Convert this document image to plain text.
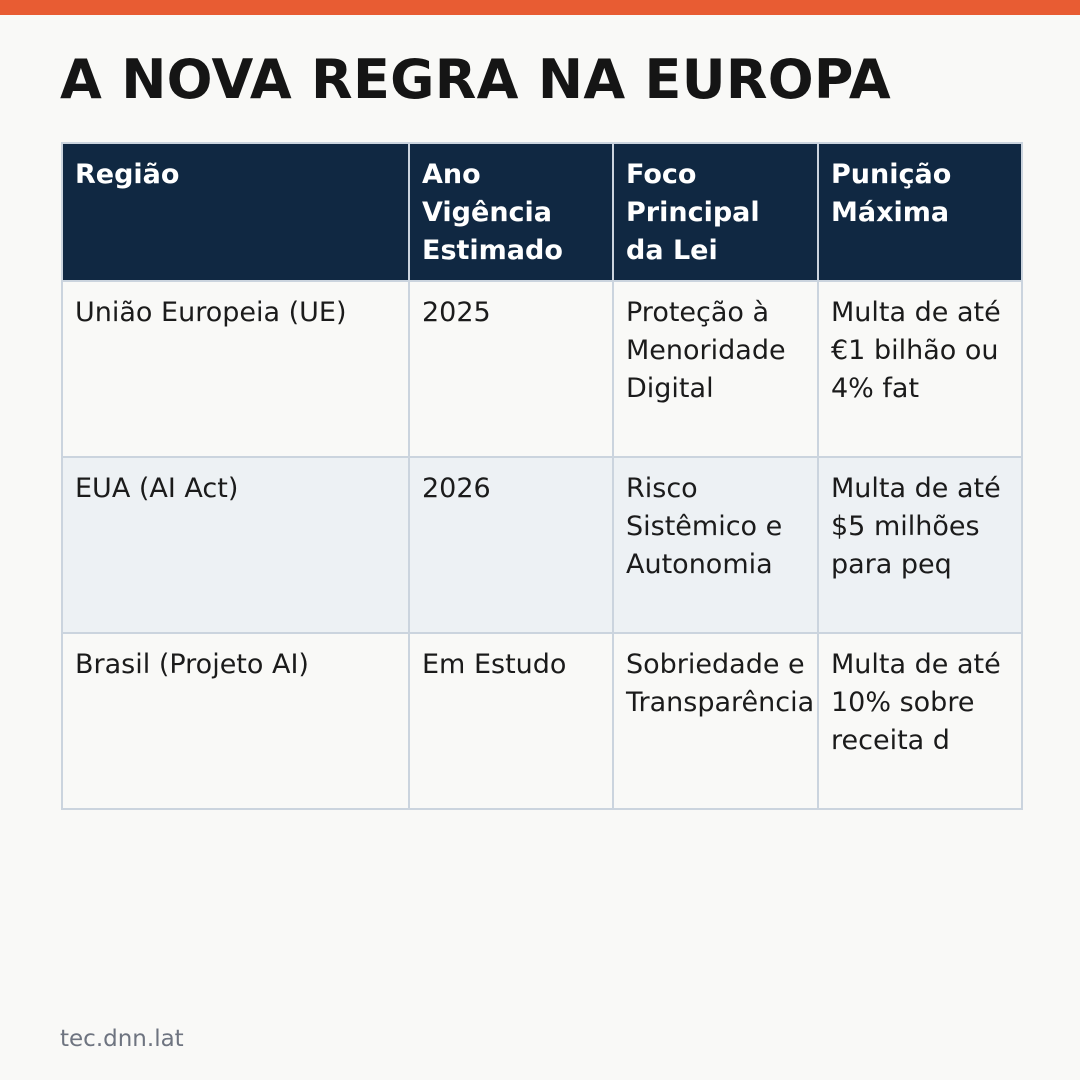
A NOVA REGRA NA EUROPA
Região	Ano Vigência Estimado	Foco Principal da Lei	Punição Máxima
União Europeia (UE)	2025	Proteção à Menoridade Digital	Multa de até €1 bilhão ou 4% fat
EUA (AI Act)	2026	Risco Sistêmico e Autonomia	Multa de até $5 milhões para peq
Brasil (Projeto AI)	Em Estudo	Sobriedade e Transparência	Multa de até 10% sobre receita d
tec.dnn.lat
